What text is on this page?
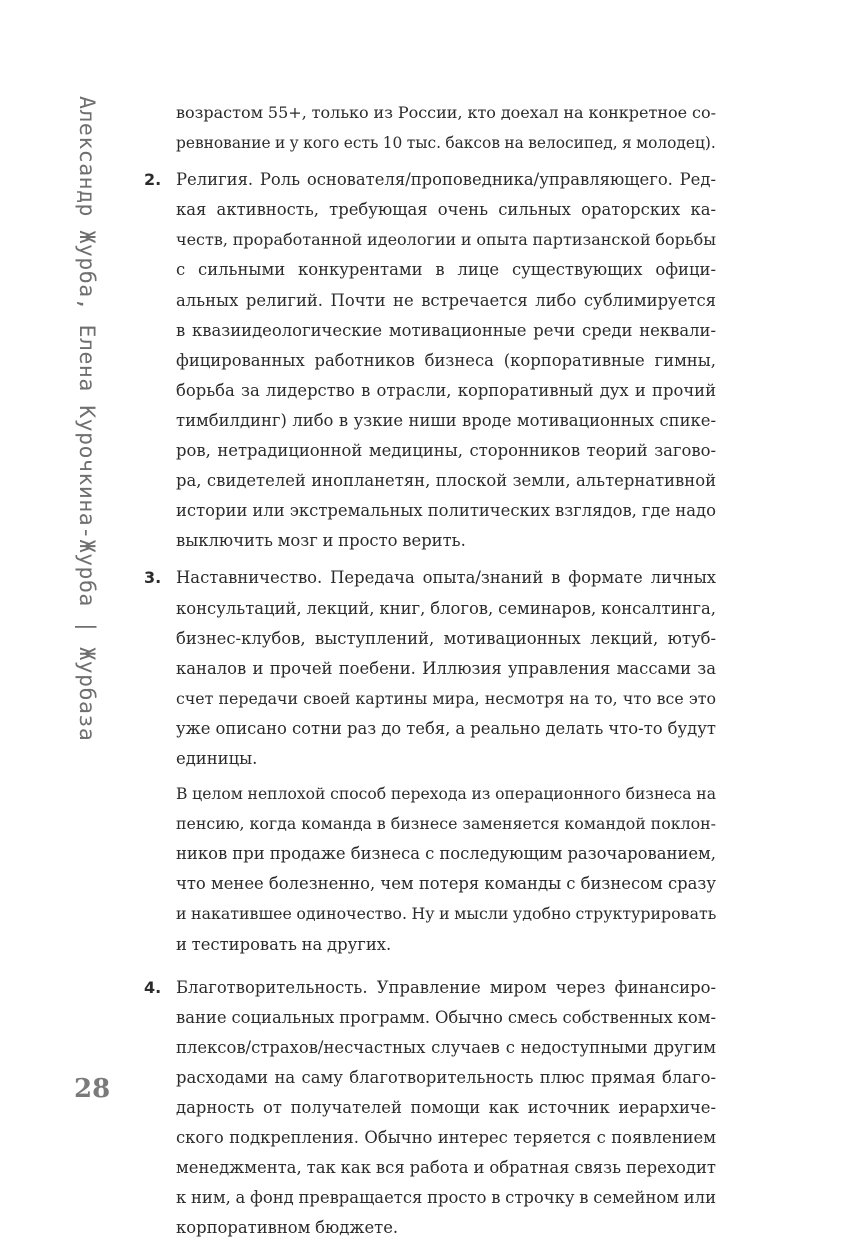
Александр Журба, Елена Курочкина-Журба | Журбаза
28
возрастом 55+, только из России, кто доехал на конкретное со-
ревнование и у кого есть 10 тыс. баксов на велосипед, я молодец).
2. Религия. Роль основателя/проповедника/управляющего. Ред-
кая активность, требующая очень сильных ораторских ка-
честв, проработанной идеологии и опыта партизанской борьбы
с сильными конкурентами в лице существующих офици-
альных религий. Почти не встречается либо сублимируется
в квазиидеологические мотивационные речи среди неквали-
фицированных работников бизнеса (корпоративные гимны,
борьба за лидерство в отрасли, корпоративный дух и прочий
тимбилдинг) либо в узкие ниши вроде мотивационных спике-
ров, нетрадиционной медицины, сторонников теорий загово-
ра, свидетелей инопланетян, плоской земли, альтернативной
истории или экстремальных политических взглядов, где надо
выключить мозг и просто верить.
3. Наставничество. Передача опыта/знаний в формате личных
консультаций, лекций, книг, блогов, семинаров, консалтинга,
бизнес-клубов, выступлений, мотивационных лекций, ютуб-
каналов и прочей поебени. Иллюзия управления массами за
счет передачи своей картины мира, несмотря на то, что все это
уже описано сотни раз до тебя, а реально делать что-то будут
единицы.
В целом неплохой способ перехода из операционного бизнеса на
пенсию, когда команда в бизнесе заменяется командой поклон-
ников при продаже бизнеса с последующим разочарованием,
что менее болезненно, чем потеря команды с бизнесом сразу
и накатившее одиночество. Ну и мысли удобно структурировать
и тестировать на других.
4. Благотворительность. Управление миром через финансиро-
вание социальных программ. Обычно смесь собственных ком-
плексов/страхов/несчастных случаев с недоступными другим
расходами на саму благотворительность плюс прямая благо-
дарность от получателей помощи как источник иерархиче-
ского подкрепления. Обычно интерес теряется с появлением
менеджмента, так как вся работа и обратная связь переходит
к ним, а фонд превращается просто в строчку в семейном или
корпоративном бюджете.
